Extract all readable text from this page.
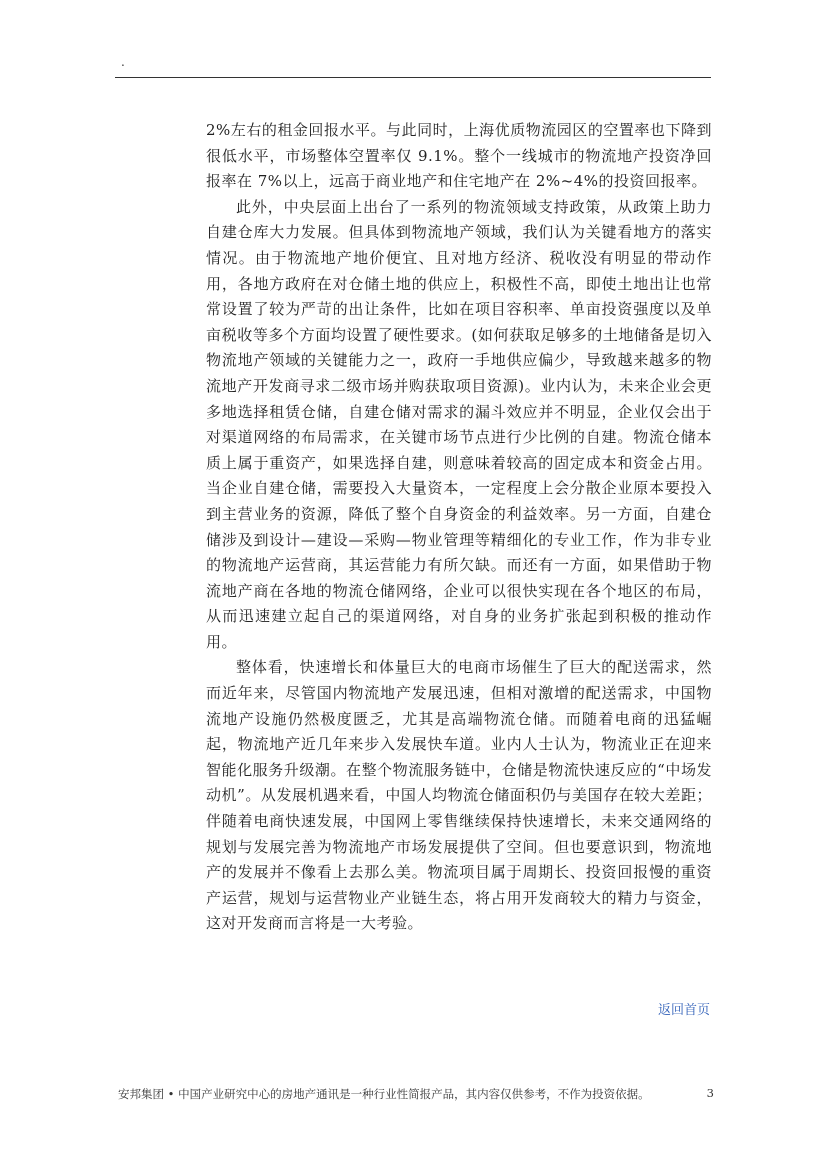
.

2%左右的租金回报水平。与此同时，上海优质物流园区的空置率也下降到很低水平，市场整体空置率仅 9.1%。整个一线城市的物流地产投资净回报率在 7%以上，远高于商业地产和住宅地产在 2%~4%的投资回报率。

此外，中央层面上出台了一系列的物流领域支持政策，从政策上助力自建仓库大力发展。但具体到物流地产领域，我们认为关键看地方的落实情况。由于物流地产地价便宜、且对地方经济、税收没有明显的带动作用，各地方政府在对仓储土地的供应上，积极性不高，即使土地出让也常常设置了较为严苛的出让条件，比如在项目容积率、单亩投资强度以及单亩税收等多个方面均设置了硬性要求。(如何获取足够多的土地储备是切入物流地产领域的关键能力之一，政府一手地供应偏少，导致越来越多的物流地产开发商寻求二级市场并购获取项目资源)。业内认为，未来企业会更多地选择租赁仓储，自建仓储对需求的漏斗效应并不明显，企业仅会出于对渠道网络的布局需求，在关键市场节点进行少比例的自建。物流仓储本质上属于重资产，如果选择自建，则意味着较高的固定成本和资金占用。当企业自建仓储，需要投入大量资本，一定程度上会分散企业原本要投入到主营业务的资源，降低了整个自身资金的利益效率。另一方面，自建仓储涉及到设计—建设—采购—物业管理等精细化的专业工作，作为非专业的物流地产运营商，其运营能力有所欠缺。而还有一方面，如果借助于物流地产商在各地的物流仓储网络，企业可以很快实现在各个地区的布局，从而迅速建立起自己的渠道网络，对自身的业务扩张起到积极的推动作用。

整体看，快速增长和体量巨大的电商市场催生了巨大的配送需求，然而近年来，尽管国内物流地产发展迅速，但相对激增的配送需求，中国物流地产设施仍然极度匮乏，尤其是高端物流仓储。而随着电商的迅猛崛起，物流地产近几年来步入发展快车道。业内人士认为，物流业正在迎来智能化服务升级潮。在整个物流服务链中，仓储是物流快速反应的“中场发动机”。从发展机遇来看，中国人均物流仓储面积仍与美国存在较大差距；伴随着电商快速发展，中国网上零售继续保持快速增长，未来交通网络的规划与发展完善为物流地产市场发展提供了空间。但也要意识到，物流地产的发展并不像看上去那么美。物流项目属于周期长、投资回报慢的重资产运营，规划与运营物业产业链生态，将占用开发商较大的精力与资金，这对开发商而言将是一大考验。

返回首页
安邦集团 • 中国产业研究中心的房地产通讯是一种行业性简报产品，其内容仅供参考，不作为投资依据。	3
